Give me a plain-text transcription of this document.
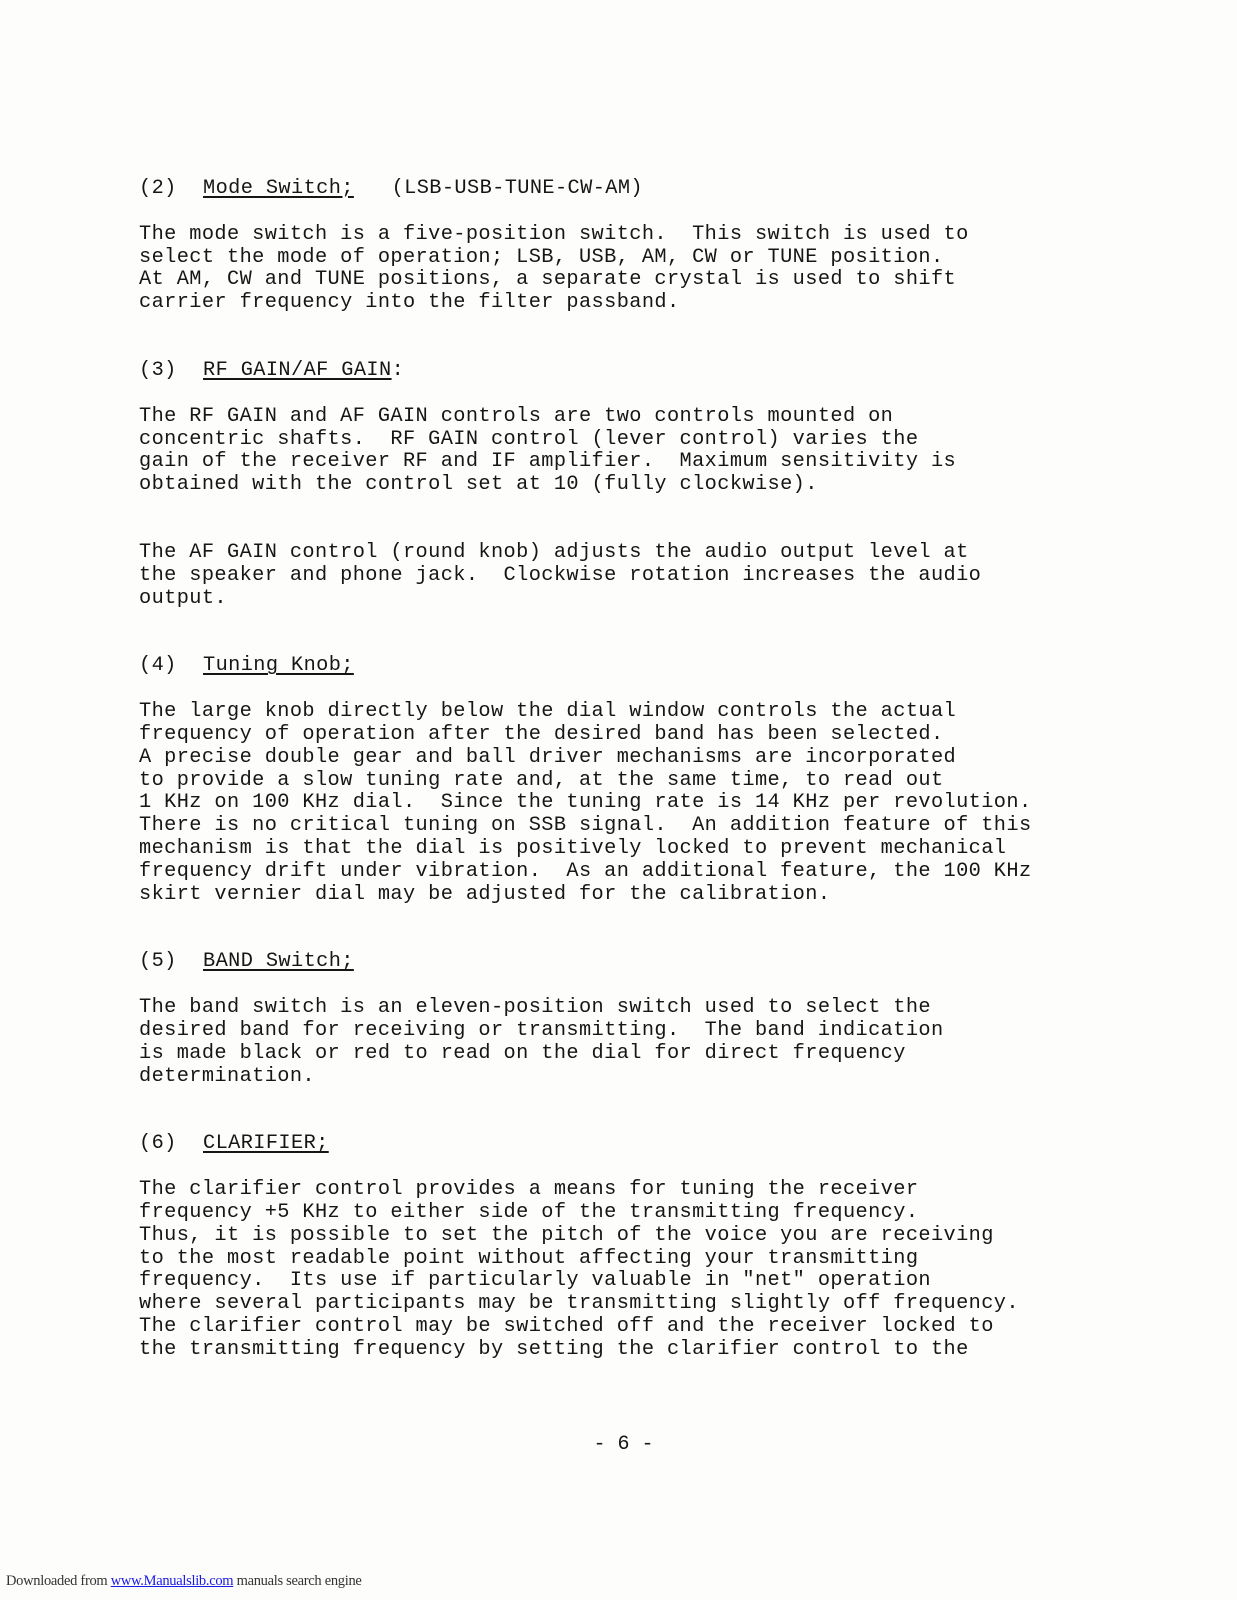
(2) Mode Switch;   (LSB-USB-TUNE-CW-AM)

The mode switch is a five-position switch.  This switch is used to
select the mode of operation; LSB, USB, AM, CW or TUNE position.
At AM, CW and TUNE positions, a separate crystal is used to shift
carrier frequency into the filter passband.

(3) RF GAIN/AF GAIN:

The RF GAIN and AF GAIN controls are two controls mounted on
concentric shafts.  RF GAIN control (lever control) varies the
gain of the receiver RF and IF amplifier.  Maximum sensitivity is
obtained with the control set at 10 (fully clockwise).

The AF GAIN control (round knob) adjusts the audio output level at
the speaker and phone jack.  Clockwise rotation increases the audio
output.

(4) Tuning Knob;

The large knob directly below the dial window controls the actual
frequency of operation after the desired band has been selected.
A precise double gear and ball driver mechanisms are incorporated
to provide a slow tuning rate and, at the same time, to read out
1 KHz on 100 KHz dial.  Since the tuning rate is 14 KHz per revolution.
There is no critical tuning on SSB signal.  An addition feature of this
mechanism is that the dial is positively locked to prevent mechanical
frequency drift under vibration.  As an additional feature, the 100 KHz
skirt vernier dial may be adjusted for the calibration.

(5) BAND Switch;

The band switch is an eleven-position switch used to select the
desired band for receiving or transmitting.  The band indication
is made black or red to read on the dial for direct frequency
determination.

(6) CLARIFIER;

The clarifier control provides a means for tuning the receiver
frequency +5 KHz to either side of the transmitting frequency.
Thus, it is possible to set the pitch of the voice you are receiving
to the most readable point without affecting your transmitting
frequency.  Its use if particularly valuable in "net" operation
where several participants may be transmitting slightly off frequency.
The clarifier control may be switched off and the receiver locked to
the transmitting frequency by setting the clarifier control to the

- 6 -
Downloaded from www.Manualslib.com manuals search engine
